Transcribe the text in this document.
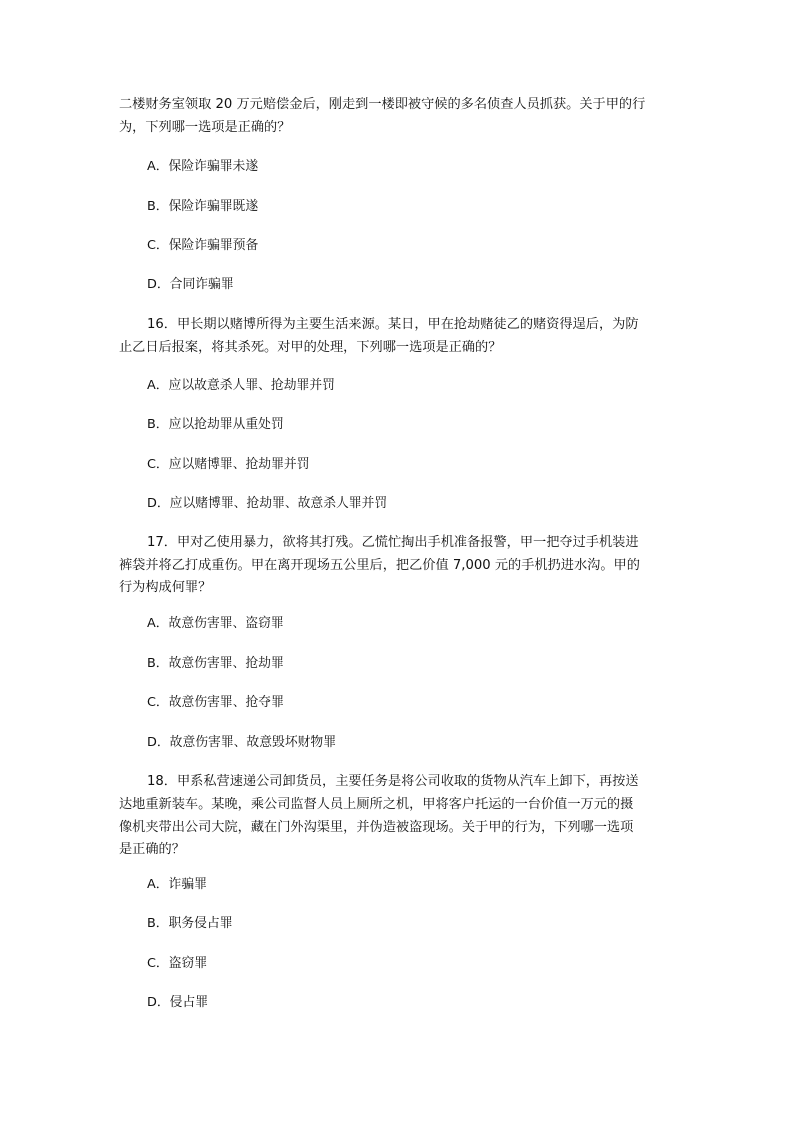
二楼财务室领取 20 万元赔偿金后，刚走到一楼即被守候的多名侦查人员抓获。关于甲的行
为，下列哪一选项是正确的？
A．保险诈骗罪未遂
B．保险诈骗罪既遂
C．保险诈骗罪预备
D．合同诈骗罪
16．甲长期以赌博所得为主要生活来源。某日，甲在抢劫赌徒乙的赌资得逞后，为防
止乙日后报案，将其杀死。对甲的处理，下列哪一选项是正确的？
A．应以故意杀人罪、抢劫罪并罚
B．应以抢劫罪从重处罚
C．应以赌博罪、抢劫罪并罚
D．应以赌博罪、抢劫罪、故意杀人罪并罚
17．甲对乙使用暴力，欲将其打残。乙慌忙掏出手机准备报警，甲一把夺过手机装进
裤袋并将乙打成重伤。甲在离开现场五公里后，把乙价值 7,000 元的手机扔进水沟。甲的
行为构成何罪？
A．故意伤害罪、盗窃罪
B．故意伤害罪、抢劫罪
C．故意伤害罪、抢夺罪
D．故意伤害罪、故意毁坏财物罪
18．甲系私营速递公司卸货员，主要任务是将公司收取的货物从汽车上卸下，再按送
达地重新装车。某晚，乘公司监督人员上厕所之机，甲将客户托运的一台价值一万元的摄
像机夹带出公司大院，藏在门外沟渠里，并伪造被盗现场。关于甲的行为，下列哪一选项
是正确的？
A．诈骗罪
B．职务侵占罪
C．盗窃罪
D．侵占罪
